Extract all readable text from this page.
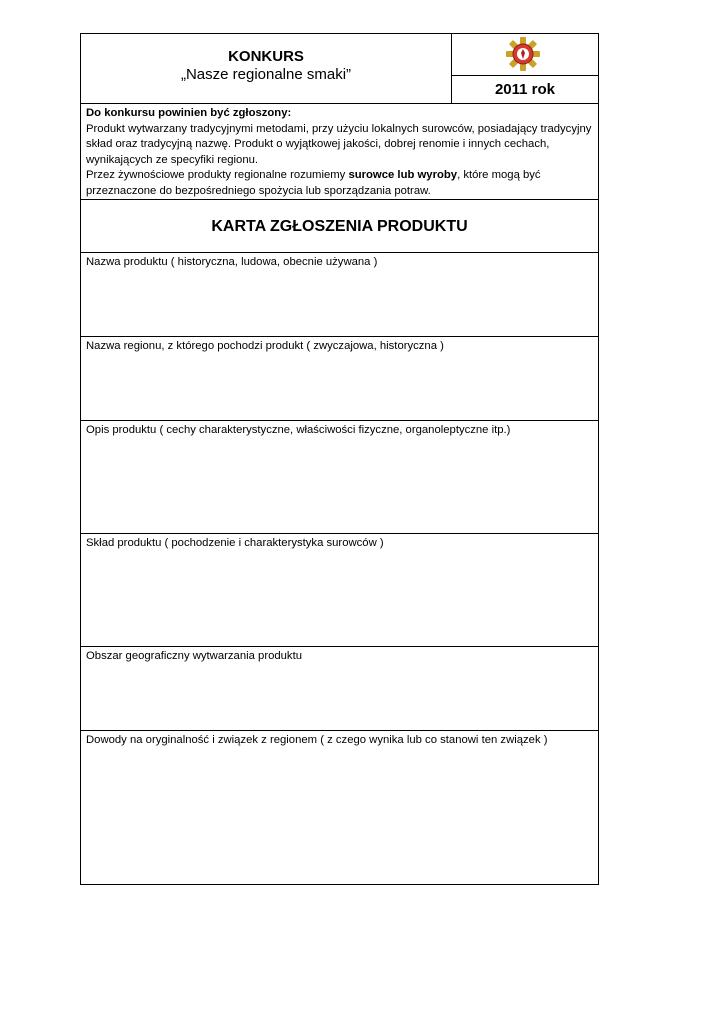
KONKURS
„Nasze regionalne smaki”
2011 rok

Do konkursu powinien być zgłoszony:

Produkt wytwarzany tradycyjnymi metodami, przy użyciu lokalnych surowców, posiadający tradycyjny skład oraz tradycyjną nazwę. Produkt o wyjątkowej jakości, dobrej renomie i innych cechach, wynikających ze specyfiki regionu.

Przez żywnościowe produkty regionalne rozumiemy surowce lub wyroby, które mogą być przeznaczone do bezpośredniego spożycia lub sporządzania potraw.

KARTA ZGŁOSZENIA PRODUKTU
Nazwa produktu ( historyczna, ludowa, obecnie używana )
Nazwa regionu, z którego pochodzi produkt ( zwyczajowa, historyczna )
Opis produktu ( cechy charakterystyczne, właściwości fizyczne, organoleptyczne itp.)
Skład produktu ( pochodzenie i charakterystyka surowców )
Obszar geograficzny wytwarzania produktu
Dowody na oryginalność i związek z regionem ( z czego wynika lub co stanowi ten związek )
